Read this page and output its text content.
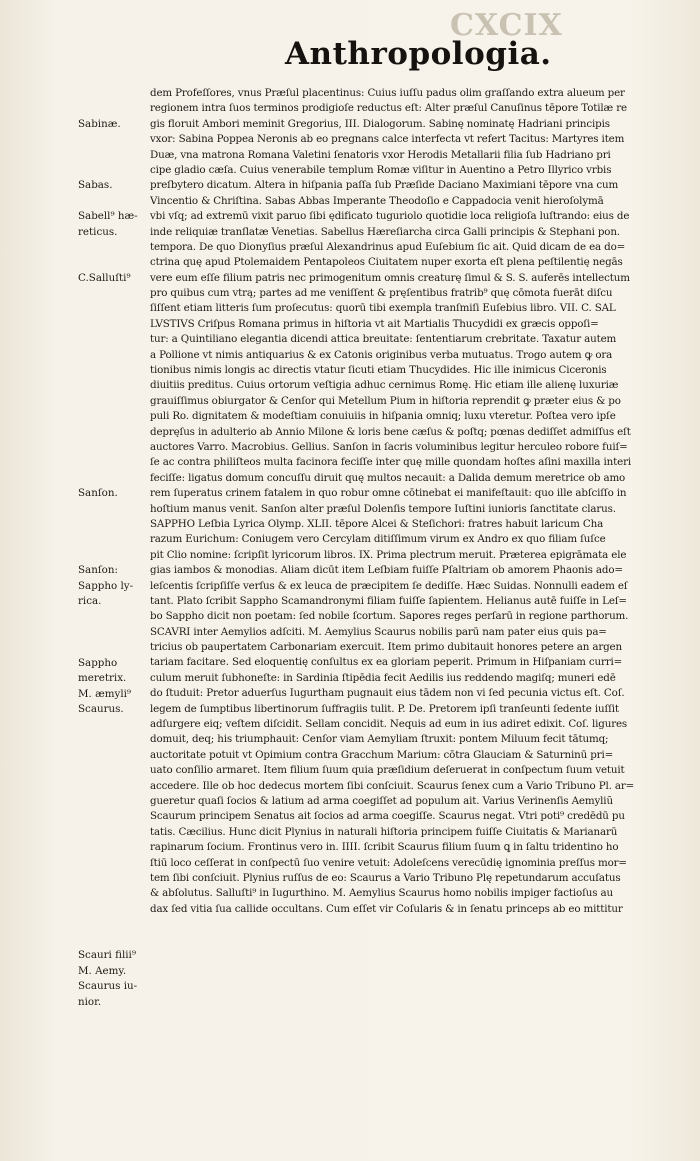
CXCIX
Anthropologia.
dem Profeſſores, vnus Præſul placentinus: Cuius iuſſu padus olim graſſando extra alueum per
regionem intra ſuos terminos prodigioſe reductus eſt: Alter præſul Canuſinus tēpore Totilæ re
gis floruit Ambori meminit Gregorius, III. Dialogorum. Sabinę nominatę Hadriani principis
vxor: Sabina Poppea Neronis ab eo pregnans calce interfecta vt refert Tacitus: Martyres item
Duæ, vna matrona Romana Valetini ſenatoris vxor Herodis Metallarii filia ſub Hadriano pri
cipe gladio cæſa. Cuius venerabile templum Romæ viſitur in Auentino a Petro Illyrico vrbis
preſbytero dicatum. Altera in hiſpania paſſa ſub Præſide Daciano Maximiani tēpore vna cum
Vincentio & Chriſtina. Sabas Abbas Imperante Theodoſio e Cappadocia venit hieroſolymā
vbi vſq; ad extremū vixit paruo ſibi ędificato tuguriolo quotidie loca religioſa luſtrando: eius de
inde reliquiæ tranſlatæ Venetias. Sabellus Hæreſiarcha circa Galli principis & Stephani pon.
tempora. De quo Dionyſius præſul Alexandrinus apud Euſebium ſic ait. Quid dicam de ea do=
ctrina quę apud Ptolemaidem Pentapoleos Ciuitatem nuper exorta eſt plena peſtilentię negās
vere eum eſſe filium patris nec primogenitum omnis creaturę ſimul & S. S. auferēs intellectum
pro quibus cum vtrą; partes ad me veniſſent & pręſentibus fratrib⁹ quę cōmota fuerāt diſcu
ſiſſent etiam litteris ſum proſecutus: quorū tibi exempla tranſmiſi Euſebius libro. VII. C. SAL
LVSTIVS Criſpus Romana primus in hiſtoria vt ait Martialis Thucydidi ex græcis oppoſi=
tur: a Quintiliano elegantia dicendi attica breuitate: ſententiarum crebritate. Taxatur autem
a Pollione vt nimis antiquarius & ex Catonis originibus verba mutuatus. Trogo autem ꝙ ora
tionibus nimis longis ac directis vtatur ſicuti etiam Thucydides. Hic ille inimicus Ciceronis
diuitiis preditus. Cuius ortorum veſtigia adhuc cernimus Romę. Hic etiam ille alienę luxuriæ
grauiſſimus obiurgator & Cenſor qui Metellum Pium in hiſtoria reprendit ꝙ præter eius & po
puli Ro. dignitatem & modeſtiam conuiuiis in hiſpania omniq; luxu vteretur. Poſtea vero ipſe
depręſus in adulterio ab Annio Milone & loris bene cæſus & poſtq; pœnas dediſſet admiſſus eſt
auctores Varro. Macrobius. Gellius. Sanſon in ſacris voluminibus legitur herculeo robore fuiſ=
ſe ac contra philiſteos multa facinora feciſſe inter quę mille quondam hoſtes aſini maxilla interi
feciſſe: ligatus domum concuſſu diruit quę multos necauit: a Dalida demum meretrice ob amo
rem ſuperatus crinem fatalem in quo robur omne cōtinebat ei manifeſtauit: quo ille abſciſſo in
hoſtium manus venit. Sanſon alter præſul Dolenſis tempore Iuſtini iunioris ſanctitate clarus.
SAPPHO Leſbia Lyrica Olymp. XLII. tēpore Alcei & Steſichori: fratres habuit laricum Cha
razum Eurichum: Coniugem vero Cercylam ditiſſimum virum ex Andro ex quo filiam ſuſce
pit Clio nomine: ſcripſit lyricorum libros. IX. Prima plectrum meruit. Præterea epigrāmata ele
gias iambos & monodias. Aliam dicūt item Leſbiam fuiſſe Pſaltriam ob amorem Phaonis ado=
leſcentis ſcripſiſſe verſus & ex leuca de præcipitem ſe dediſſe. Hæc Suidas. Nonnulli eadem eſ
tant. Plato ſcribit Sappho Scamandronymi filiam fuiſſe ſapientem. Helianus autē fuiſſe in Leſ=
bo Sappho dicit non poetam: ſed nobile ſcortum. Sapores reges perſarū in regione parthorum.
SCAVRI inter Aemylios adſciti. M. Aemylius Scaurus nobilis parū nam pater eius quis pa=
tricius ob paupertatem Carbonariam exercuit. Item primo dubitauit honores petere an argen
tariam facitare. Sed eloquentię conſultus ex ea gloriam peperit. Primum in Hiſpaniam curri=
culum meruit ſubhoneſte: in Sardinia ſtipēdia fecit Aedilis ius reddendo magiſq; muneri edē
do ſtuduit: Pretor aduerſus Iugurtham pugnauit eius tādem non vi ſed pecunia victus eſt. Coſ.
legem de ſumptibus libertinorum ſuffragiis tulit. P. De. Pretorem ipſi tranſeunti ſedente iuſſit
adſurgere eiq; veſtem diſcidit. Sellam concidit. Nequis ad eum in ius adiret edixit. Coſ. ligures
domuit, deq; his triumphauit: Cenſor viam Aemyliam ſtruxit: pontem Miluum fecit tātumq;
auctoritate potuit vt Opimium contra Gracchum Marium: cōtra Glauciam & Saturninū pri=
uato conſilio armaret. Item filium ſuum quia præſidium deſeruerat in conſpectum ſuum vetuit
accedere. Ille ob hoc dedecus mortem ſibi conſciuit. Scaurus ſenex cum a Vario Tribuno Pl. ar=
gueretur quaſi ſocios & latium ad arma coegiſſet ad populum ait. Varius Verinenſis Aemyliũ
Scaurum principem Senatus ait ſocios ad arma coegiſſe. Scaurus negat. Vtri poti⁹ credēdū pu
tatis. Cæcilius. Hunc dicit Plynius in naturali hiſtoria principem fuiſſe Ciuitatis & Marianarū
rapinarum ſocium. Frontinus vero in. IIII. ſcribit Scaurus filium ſuum ꝗ in ſaltu tridentino ho
ſtiū loco ceſſerat in conſpectū ſuo venire vetuit: Adoleſcens verecūdię ignominia preſſus mor=
tem ſibi conſciuit. Plynius ruſſus de eo: Scaurus a Vario Tribuno Plę repetundarum accuſatus
& abſolutus. Salluſti⁹ in Iugurthino. M. Aemylius Scaurus homo nobilis impiger factioſus au
dax ſed vitia ſua callide occultans. Cum eſſet vir Coſularis & in ſenatu princeps ab eo mittitur
Sabinæ.
Sabas.
Sabell⁹ hæ-
reticus.
C.Salluſti⁹
Sanſon.
Sanſon:
Sappho ly-
rica.
Sappho
meretrix.
M. æmyli⁹
Scaurus.
Scauri filii⁹
M. Aemy.
Scaurus iu-
nior.
